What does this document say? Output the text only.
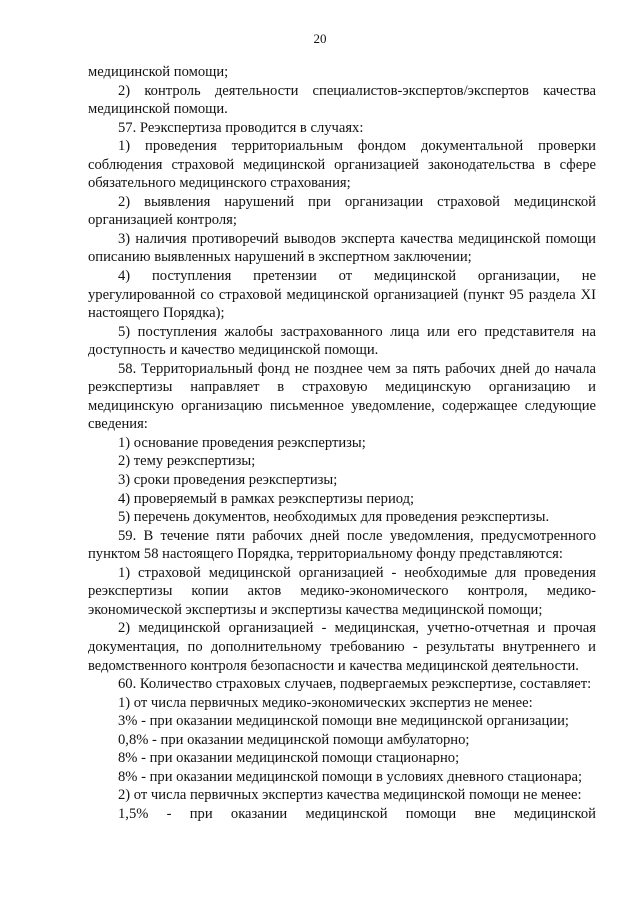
20

медицинской помощи;

2) контроль деятельности специалистов-экспертов/экспертов качества медицинской помощи.

57. Реэкспертиза проводится в случаях:

1) проведения территориальным фондом документальной проверки соблюдения страховой медицинской организацией законодательства в сфере обязательного медицинского страхования;

2) выявления нарушений при организации страховой медицинской организацией контроля;

3) наличия противоречий выводов эксперта качества медицинской помощи описанию выявленных нарушений в экспертном заключении;

4) поступления претензии от медицинской организации, не урегулированной со страховой медицинской организацией (пункт 95 раздела XI настоящего Порядка);

5) поступления жалобы застрахованного лица или его представителя на доступность и качество медицинской помощи.

58. Территориальный фонд не позднее чем за пять рабочих дней до начала реэкспертизы направляет в страховую медицинскую организацию и медицинскую организацию письменное уведомление, содержащее следующие сведения:

1) основание проведения реэкспертизы;

2) тему реэкспертизы;

3) сроки проведения реэкспертизы;

4) проверяемый в рамках реэкспертизы период;

5) перечень документов, необходимых для проведения реэкспертизы.

59. В течение пяти рабочих дней после уведомления, предусмотренного пунктом 58 настоящего Порядка, территориальному фонду представляются:

1) страховой медицинской организацией - необходимые для проведения реэкспертизы копии актов медико-экономического контроля, медико-экономической экспертизы и экспертизы качества медицинской помощи;

2) медицинской организацией - медицинская, учетно-отчетная и прочая документация, по дополнительному требованию - результаты внутреннего и ведомственного контроля безопасности и качества медицинской деятельности.

60. Количество страховых случаев, подвергаемых реэкспертизе, составляет:

1) от числа первичных медико-экономических экспертиз не менее:

3% - при оказании медицинской помощи вне медицинской организации;

0,8% - при оказании медицинской помощи амбулаторно;

8% - при оказании медицинской помощи стационарно;

8% - при оказании медицинской помощи в условиях дневного стационара;

2) от числа первичных экспертиз качества медицинской помощи не менее:

1,5% - при оказании медицинской помощи вне медицинской
